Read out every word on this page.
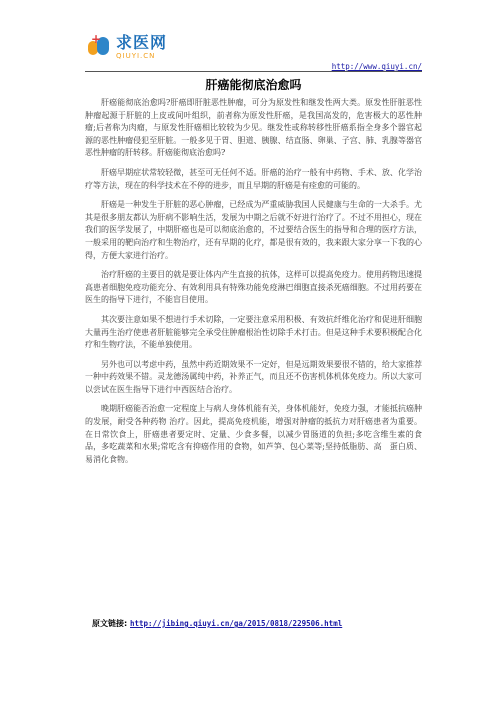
+ 求医网
QIUYI.CN
http://www.qiuyi.cn/
肝癌能彻底治愈吗

肝癌能彻底治愈吗?肝癌即肝脏恶性肿瘤，可分为原发性和继发性两大类。原发性肝脏恶性肿瘤起源于肝脏的上皮或间叶组织，前者称为原发性肝癌，是我国高发的，危害极大的恶性肿瘤;后者称为肉瘤，与原发性肝癌相比较较为少见。继发性或称转移性肝癌系指全身多个器官起源的恶性肿瘤侵犯至肝脏。一般多见于胃、胆道、胰腺、结直肠、卵巢、子宫、肺、乳腺等器官恶性肿瘤的肝转移。肝癌能彻底治愈吗?

肝癌早期症状常较轻微，甚至可无任何不适。肝癌的治疗一般有中药物、手术、放、化学治疗等方法，现在的科学技术在不停的进步，而且早期的肝癌是有痊愈的可能的。

肝癌是一种发生于肝脏的恶心肿瘤，已经成为严重威胁我国人民健康与生命的一大杀手。尤其是很多朋友都认为肝病不影响生活，发展为中期之后就不好进行治疗了。不过不用担心，现在我们的医学发展了，中期肝癌也是可以彻底治愈的，不过要结合医生的指导和合理的医疗方法，一般采用的靶向治疗和生物治疗，还有早期的化疗，都是很有效的，我来跟大家分享一下我的心得，方便大家进行治疗。

治疗肝癌的主要目的就是要让体内产生直接的抗体，这样可以提高免疫力。使用药物迅速提高患者细胞免疫功能充分、有效利用具有特殊功能免疫淋巴细胞直接杀死癌细胞。不过用药要在医生的指导下进行，不能盲目使用。

其次要注意如果不想进行手术切除，一定要注意采用积极、有效抗纤维化治疗和促进肝细胞大量再生治疗使患者肝脏能够完全承受住肿瘤根治性切除手术打击。但是这种手术要积极配合化疗和生物疗法，不能单独使用。

另外也可以考虑中药，虽然中药近期效果不一定好，但是远期效果要很不错的，给大家推荐一种中药效果不错。灵龙德汤属纯中药，补养正气，而且还不伤害机体机体免疫力。所以大家可以尝试在医生指导下进行中西医结合治疗。

晚期肝癌能否治愈一定程度上与病人身体机能有关，身体机能好，免疫力强，才能抵抗癌肿的发展，耐受各种药物 治疗。因此，提高免疫机能，增强对肿瘤的抵抗力对肝癌患者为重要。在日常饮食上，肝癌患者要定时、定量、少食多餐，以减少胃肠道的负担;多吃含维生素的食品，多吃蔬菜和水果;常吃含有抑癌作用的食物，如芦笋、包心菜等;坚持低脂肪、高　蛋白质、易消化食物。

原文链接: http://jibing.qiuyi.cn/ga/2015/0818/229506.html
